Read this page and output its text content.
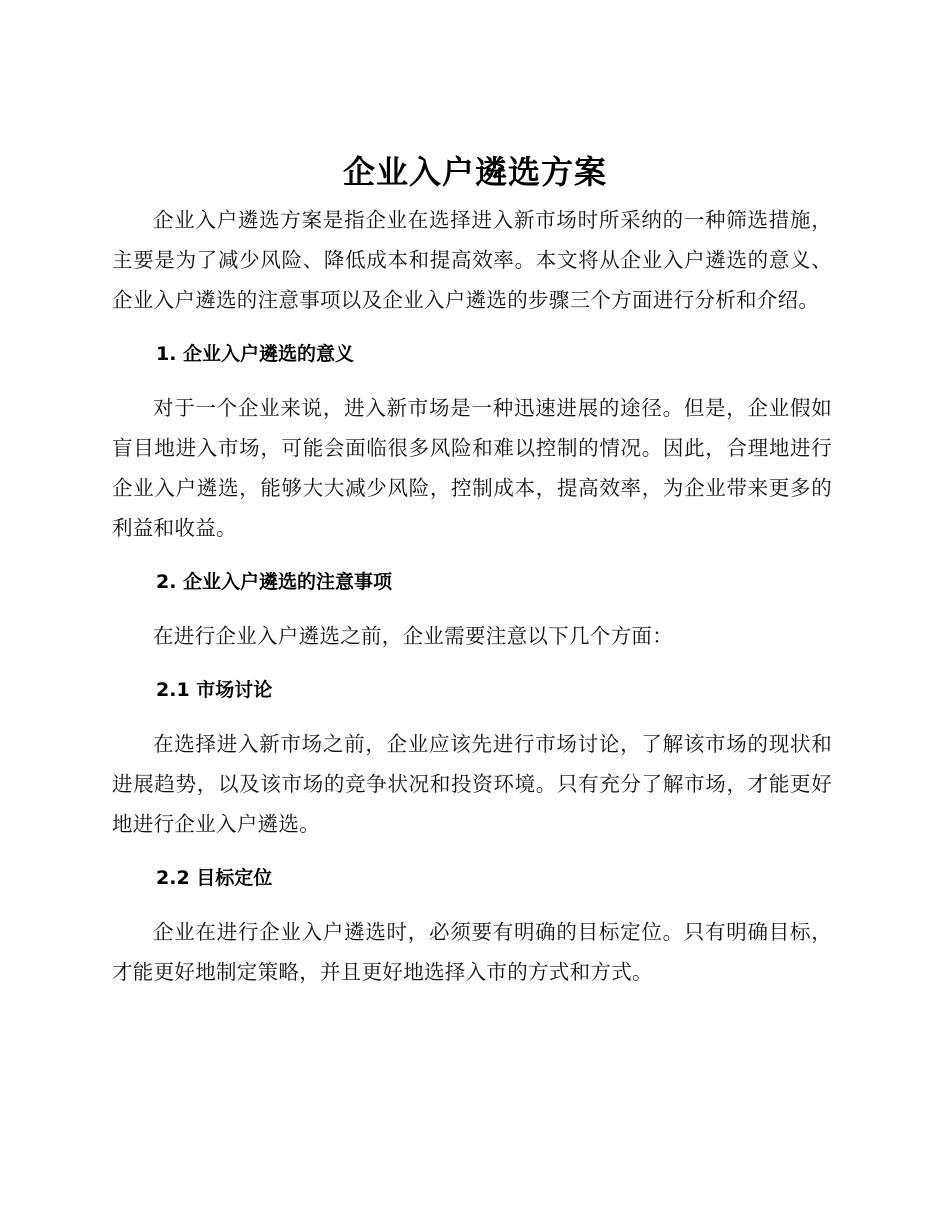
企业入户遴选方案

企业入户遴选方案是指企业在选择进入新市场时所采纳的一种筛选措施，主要是为了减少风险、降低成本和提高效率。本文将从企业入户遴选的意义、企业入户遴选的注意事项以及企业入户遴选的步骤三个方面进行分析和介绍。

1. 企业入户遴选的意义

对于一个企业来说，进入新市场是一种迅速进展的途径。但是，企业假如盲目地进入市场，可能会面临很多风险和难以控制的情况。因此，合理地进行企业入户遴选，能够大大减少风险，控制成本，提高效率，为企业带来更多的利益和收益。

2. 企业入户遴选的注意事项

在进行企业入户遴选之前，企业需要注意以下几个方面：

2.1 市场讨论

在选择进入新市场之前，企业应该先进行市场讨论，了解该市场的现状和进展趋势，以及该市场的竞争状况和投资环境。只有充分了解市场，才能更好地进行企业入户遴选。

2.2 目标定位

企业在进行企业入户遴选时，必须要有明确的目标定位。只有明确目标，才能更好地制定策略，并且更好地选择入市的方式和方式。
